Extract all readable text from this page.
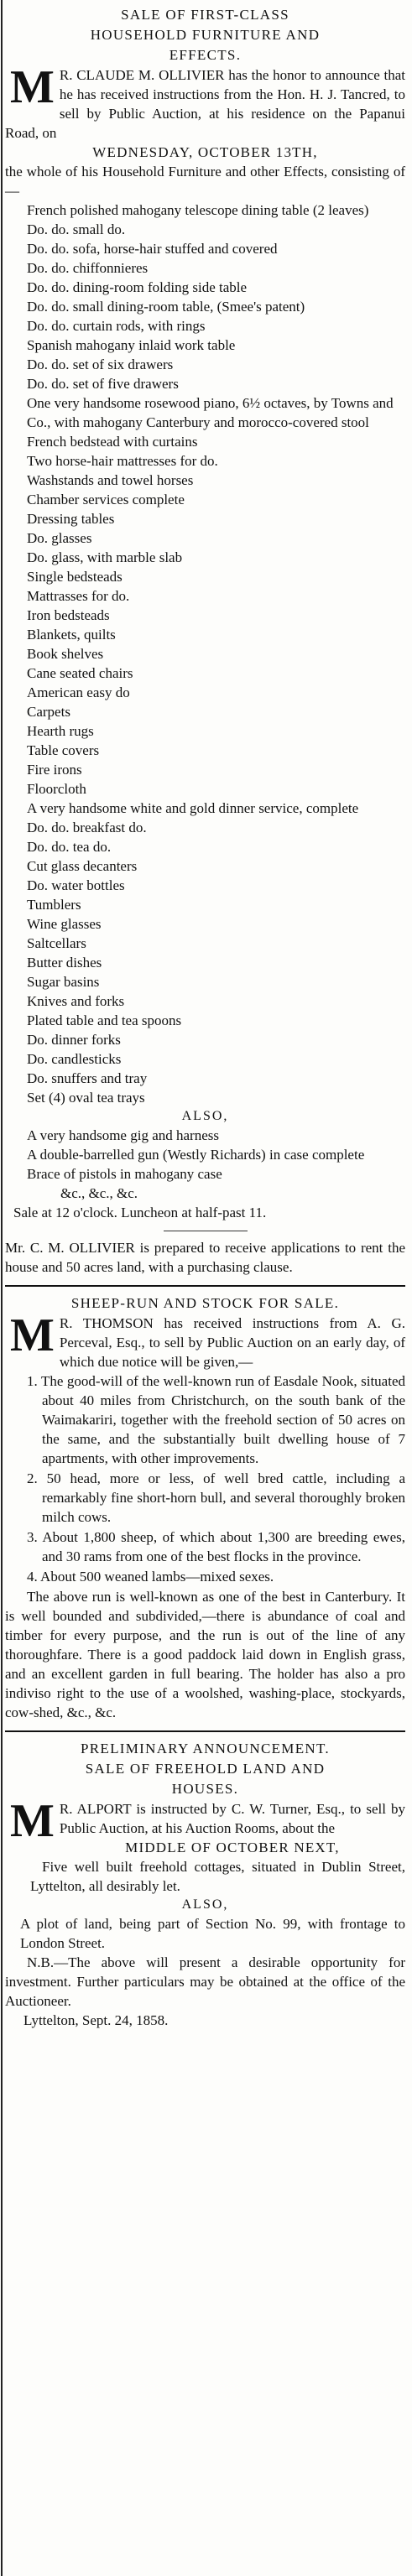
SALE OF FIRST-CLASS

HOUSEHOLD FURNITURE AND

EFFECTS.

M R. CLAUDE M. OLLIVIER has the honor to announce that he has received instructions from the Hon. H. J. Tancred, to sell by Public Auction, at his residence on the Papanui Road, on

WEDNESDAY, OCTOBER 13TH,

the whole of his Household Furniture and other Effects, consisting of—

French polished mahogany telescope dining table (2 leaves)
Do. do. small do.
Do. do. sofa, horse-hair stuffed and covered
Do. do. chiffonnieres
Do. do. dining-room folding side table
Do. do. small dining-room table, (Smee's patent)
Do. do. curtain rods, with rings
Spanish mahogany inlaid work table
Do. do. set of six drawers
Do. do. set of five drawers
One very handsome rosewood piano, 6½ octaves, by Towns and Co., with mahogany Canterbury and morocco-covered stool
French bedstead with curtains
Two horse-hair mattresses for do.
Washstands and towel horses
Chamber services complete
Dressing tables
Do. glasses
Do. glass, with marble slab
Single bedsteads
Mattrasses for do.
Iron bedsteads
Blankets, quilts
Book shelves
Cane seated chairs
American easy do
Carpets
Hearth rugs
Table covers
Fire irons
Floorcloth
A very handsome white and gold dinner service, complete
Do. do. breakfast do.
Do. do. tea do.
Cut glass decanters
Do. water bottles
Tumblers
Wine glasses
Saltcellars
Butter dishes
Sugar basins
Knives and forks
Plated table and tea spoons
Do. dinner forks
Do. candlesticks
Do. snuffers and tray
Set (4) oval tea trays

ALSO,

A very handsome gig and harness
A double-barrelled gun (Westly Richards) in case complete
Brace of pistols in mahogany case
&c., &c., &c.

Sale at 12 o'clock. Luncheon at half-past 11.

Mr. C. M. OLLIVIER is prepared to receive applications to rent the house and 50 acres land, with a purchasing clause.

SHEEP-RUN AND STOCK FOR SALE.

M R. THOMSON has received instructions from A. G. Perceval, Esq., to sell by Public Auction on an early day, of which due notice will be given,—

1. The good-will of the well-known run of Easdale Nook, situated about 40 miles from Christchurch, on the south bank of the Waimakariri, together with the freehold section of 50 acres on the same, and the substantially built dwelling house of 7 apartments, with other improvements.
2. 50 head, more or less, of well bred cattle, including a remarkably fine short-horn bull, and several thoroughly broken milch cows.
3. About 1,800 sheep, of which about 1,300 are breeding ewes, and 30 rams from one of the best flocks in the province.
4. About 500 weaned lambs—mixed sexes.

The above run is well-known as one of the best in Canterbury. It is well bounded and subdivided,—there is abundance of coal and timber for every purpose, and the run is out of the line of any thoroughfare. There is a good paddock laid down in English grass, and an excellent garden in full bearing. The holder has also a pro indiviso right to the use of a woolshed, washing-place, stockyards, cow-shed, &c., &c.

PRELIMINARY ANNOUNCEMENT.

SALE OF FREEHOLD LAND AND

HOUSES.

M R. ALPORT is instructed by C. W. Turner, Esq., to sell by Public Auction, at his Auction Rooms, about the

MIDDLE OF OCTOBER NEXT,

Five well built freehold cottages, situated in Dublin Street, Lyttelton, all desirably let.

ALSO,

A plot of land, being part of Section No. 99, with frontage to London Street.

N.B.—The above will present a desirable opportunity for investment. Further particulars may be obtained at the office of the Auctioneer.

Lyttelton, Sept. 24, 1858.
